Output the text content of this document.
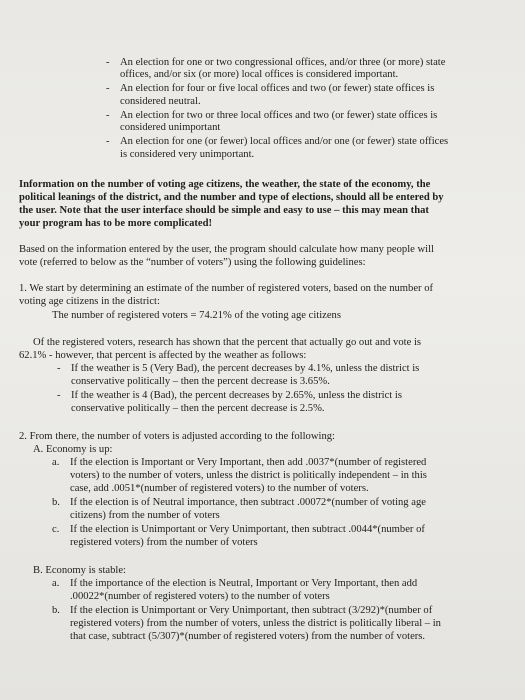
- An election for one or two congressional offices, and/or three (or more) state
offices, and/or six (or more) local offices is considered important.
- An election for four or five local offices and two (or fewer) state offices is
considered neutral.
- An election for two or three local offices and two (or fewer) state offices is
considered unimportant
- An election for one (or fewer) local offices and/or one (or fewer) state offices
is considered very unimportant.
Information on the number of voting age citizens, the weather, the state of the economy, the
political leanings of the district, and the number and type of elections, should all be entered by
the user. Note that the user interface should be simple and easy to use – this may mean that
your program has to be more complicated!
Based on the information entered by the user, the program should calculate how many people will
vote (referred to below as the “number of voters”) using the following guidelines:
1. We start by determining an estimate of the number of registered voters, based on the number of
voting age citizens in the district:
The number of registered voters = 74.21% of the voting age citizens
Of the registered voters, research has shown that the percent that actually go out and vote is
62.1% - however, that percent is affected by the weather as follows:
- If the weather is 5 (Very Bad), the percent decreases by 4.1%, unless the district is
conservative politically – then the percent decrease is 3.65%.
- If the weather is 4 (Bad), the percent decreases by 2.65%, unless the district is
conservative politically – then the percent decrease is 2.5%.
2. From there, the number of voters is adjusted according to the following:
A. Economy is up:
a. If the election is Important or Very Important, then add .0037*(number of registered
voters) to the number of voters, unless the district is politically independent – in this
case, add .0051*(number of registered voters) to the number of voters.
b. If the election is of Neutral importance, then subtract .00072*(number of voting age
citizens) from the number of voters
c. If the election is Unimportant or Very Unimportant, then subtract .0044*(number of
registered voters) from the number of voters
B. Economy is stable:
a. If the importance of the election is Neutral, Important or Very Important, then add
.00022*(number of registered voters) to the number of voters
b. If the election is Unimportant or Very Unimportant, then subtract (3/292)*(number of
registered voters) from the number of voters, unless the district is politically liberal – in
that case, subtract (5/307)*(number of registered voters) from the number of voters.
